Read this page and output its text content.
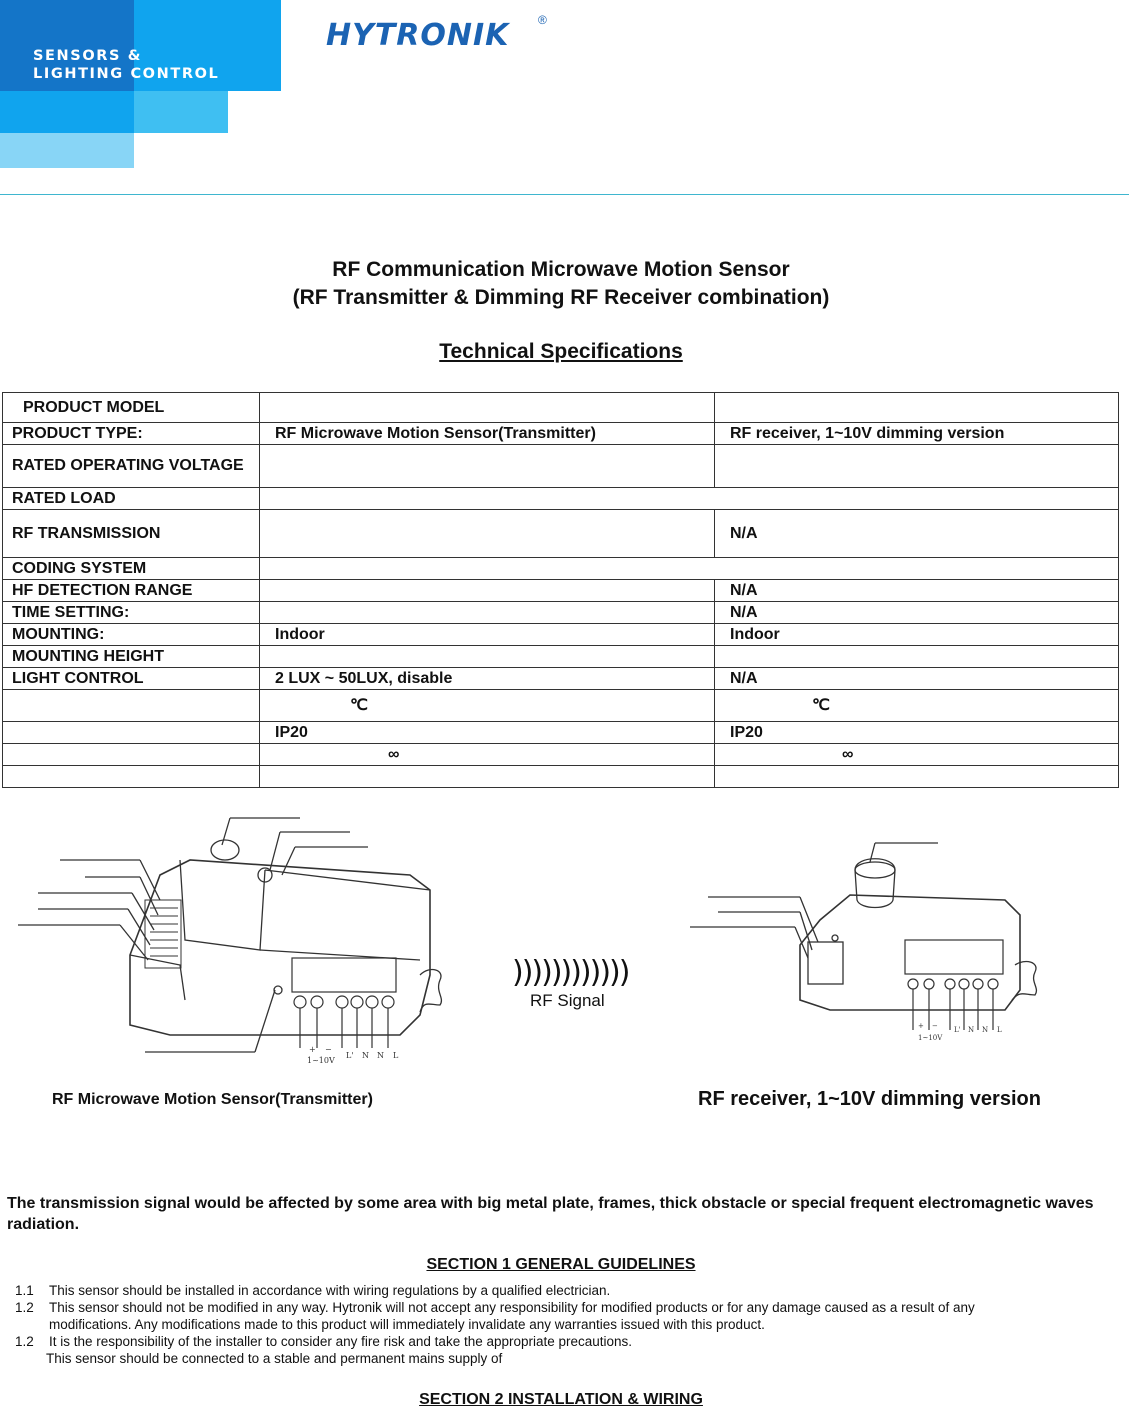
SENSORS &
LIGHTING CONTROL
HYTRONIK ®
RF Communication Microwave Motion Sensor
(RF Transmitter & Dimming RF Receiver combination)
Technical Specifications
PRODUCT MODEL		
PRODUCT TYPE:	RF Microwave Motion Sensor(Transmitter)	RF receiver, 1~10V dimming version
RATED OPERATING VOLTAGE		
RATED LOAD		
RF TRANSMISSION		N/A
CODING SYSTEM		
HF DETECTION RANGE		N/A
TIME SETTING:		N/A
MOUNTING:	Indoor	Indoor
MOUNTING HEIGHT		
LIGHT CONTROL	2 LUX ~ 50LUX, disable	N/A
	℃	℃
	IP20	IP20
	∞	∞

+ −
L' N N L
1~10V
))))))))))))
RF Signal
+ − L' N N L
1~10V
RF Microwave Motion Sensor(Transmitter)	RF receiver, 1~10V dimming version
The transmission signal would be affected by some area with big metal plate, frames, thick obstacle or special frequent electromagnetic waves radiation.
SECTION 1 GENERAL GUIDELINES
1.1	This sensor should be installed in accordance with wiring regulations by a qualified electrician.
1.2	This sensor should not be modified in any way. Hytronik will not accept any responsibility for modified products or for any damage caused as a result of any
modifications. Any modifications made to this product will immediately invalidate any warranties issued with this product.
1.2	It is the responsibility of the installer to consider any fire risk and take the appropriate precautions.
This sensor should be connected to a stable and permanent mains supply of
SECTION 2 INSTALLATION & WIRING
